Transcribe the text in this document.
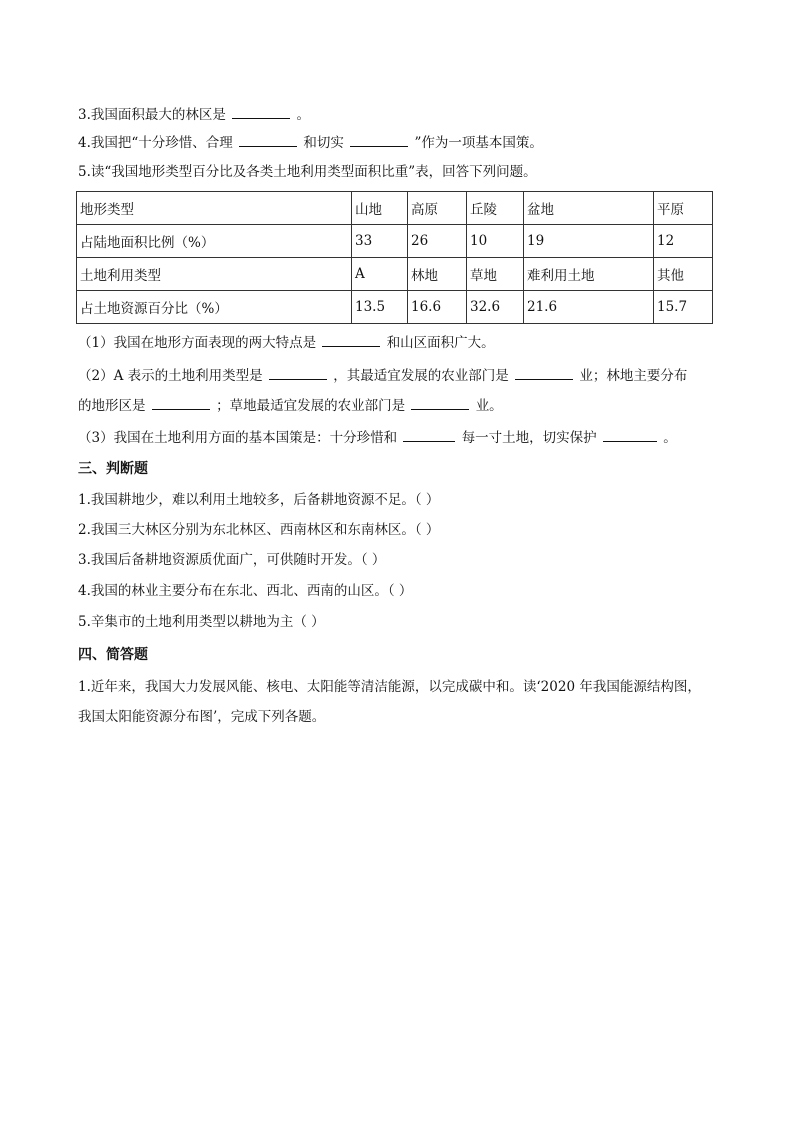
3.我国面积最大的林区是	。
4.我国把“十分珍惜、合理	和切实	”作为一项基本国策。
5.读“我国地形类型百分比及各类土地利用类型面积比重”表，回答下列问题。
地形类型	山地	高原	丘陵	盆地	平原
占陆地面积比例（%）	33	26	10	19	12
土地利用类型	A	林地	草地	难利用土地	其他
占土地资源百分比（%）	13.5	16.6	32.6	21.6	15.7
（1）我国在地形方面表现的两大特点是	和山区面积广大。
（2）A 表示的土地利用类型是	，其最适宜发展的农业部门是	业；林地主要分布
的地形区是	；草地最适宜发展的农业部门是	业。
（3）我国在土地利用方面的基本国策是：十分珍惜和	每一寸土地，切实保护	。
三、判断题
1.我国耕地少，难以利用土地较多，后备耕地资源不足。（ ）
2.我国三大林区分别为东北林区、西南林区和东南林区。（ ）
3.我国后备耕地资源质优面广，可供随时开发。（ ）
4.我国的林业主要分布在东北、西北、西南的山区。（ ）
5.辛集市的土地利用类型以耕地为主（ ）
四、简答题
1.近年来，我国大力发展风能、核电、太阳能等清洁能源，以完成碳中和。读‘2020 年我国能源结构图，
我国太阳能资源分布图’，完成下列各题。
